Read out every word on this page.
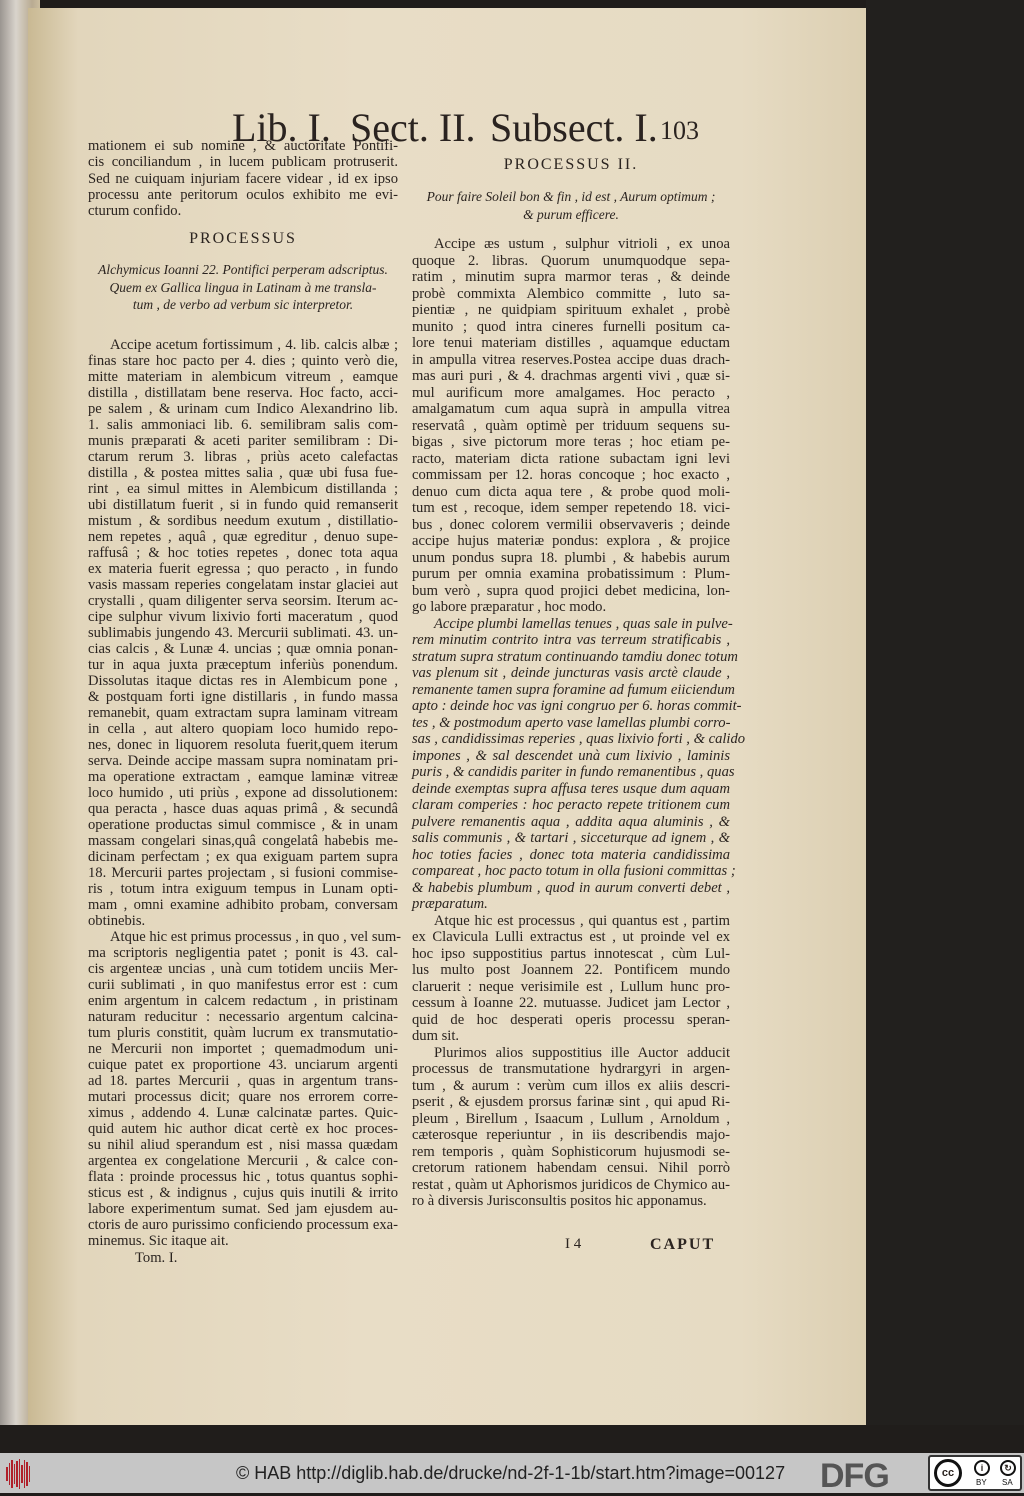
Lib. I. Sect. II. Subsect. I. 103
mationem ei sub nomine , & auctoritate Pontifi-
cis conciliandum , in lucem publicam protruserit.
Sed ne cuiquam injuriam facere videar , id ex ipso
processu ante peritorum oculos exhibito me evi-
cturum confido.
PROCESSUS
Alchymicus Ioanni 22. Pontifici perperam adscriptus.
Quem ex Gallica lingua in Latinam à me transla-
tum , de verbo ad verbum sic interpretor.
Accipe acetum fortissimum , 4. lib. calcis albæ ;
finas stare hoc pacto per 4. dies ; quinto verò die,
mitte materiam in alembicum vitreum , eamque
distilla , distillatam bene reserva. Hoc facto, acci-
pe salem , & urinam cum Indico Alexandrino lib.
1. salis ammoniaci lib. 6. semilibram salis com-
munis præparati & aceti pariter semilibram : Di-
ctarum rerum 3. libras , priùs aceto calefactas
distilla , & postea mittes salia , quæ ubi fusa fue-
rint , ea simul mittes in Alembicum distillanda ;
ubi distillatum fuerit , si in fundo quid remanserit
mistum , & sordibus needum exutum , distillatio-
nem repetes , aquâ , quæ egreditur , denuo supe-
raffusâ ; & hoc toties repetes , donec tota aqua
ex materia fuerit egressa ; quo peracto , in fundo
vasis massam reperies congelatam instar glaciei aut
crystalli , quam diligenter serva seorsim. Iterum ac-
cipe sulphur vivum lixivio forti maceratum , quod
sublimabis jungendo 43. Mercurii sublimati. 43. un-
cias calcis , & Lunæ 4. uncias ; quæ omnia ponan-
tur in aqua juxta præceptum inferiùs ponendum.
Dissolutas itaque dictas res in Alembicum pone ,
& postquam forti igne distillaris , in fundo massa
remanebit, quam extractam supra laminam vitream
in cella , aut altero quopiam loco humido repo-
nes, donec in liquorem resoluta fuerit,quem iterum
serva. Deinde accipe massam supra nominatam pri-
ma operatione extractam , eamque laminæ vitreæ
loco humido , uti priùs , expone ad dissolutionem:
qua peracta , hasce duas aquas primâ , & secundâ
operatione productas simul commisce , & in unam
massam congelari sinas,quâ congelatâ habebis me-
dicinam perfectam ; ex qua exiguam partem supra
18. Mercurii partes projectam , si fusioni commise-
ris , totum intra exiguum tempus in Lunam opti-
mam , omni examine adhibito probam, conversam
obtinebis.
Atque hic est primus processus , in quo , vel sum-
ma scriptoris negligentia patet ; ponit is 43. cal-
cis argenteæ uncias , unà cum totidem unciis Mer-
curii sublimati , in quo manifestus error est : cum
enim argentum in calcem redactum , in pristinam
naturam reducitur : necessario argentum calcina-
tum pluris constitit, quàm lucrum ex transmutatio-
ne Mercurii non importet ; quemadmodum uni-
cuique patet ex proportione 43. unciarum argenti
ad 18. partes Mercurii , quas in argentum trans-
mutari processus dicit; quare nos errorem corre-
ximus , addendo 4. Lunæ calcinatæ partes. Quic-
quid autem hic author dicat certè ex hoc proces-
su nihil aliud sperandum est , nisi massa quædam
argentea ex congelatione Mercurii , & calce con-
flata : proinde processus hic , totus quantus sophi-
sticus est , & indignus , cujus quis inutili & irrito
labore experimentum sumat. Sed jam ejusdem au-
ctoris de auro purissimo conficiendo processum exa-
minemus. Sic itaque ait.
Tom. I.
PROCESSUS II.
Pour faire Soleil bon & fin , id est , Aurum optimum ;
& purum efficere.
Accipe æs ustum , sulphur vitrioli , ex unoa
quoque 2. libras. Quorum unumquodque sepa-
ratim , minutim supra marmor teras , & deinde
probè commixta Alembico committe , luto sa-
pientiæ , ne quidpiam spirituum exhalet , probè
munito ; quod intra cineres furnelli positum ca-
lore tenui materiam distilles , aquamque eductam
in ampulla vitrea reserves.Postea accipe duas drach-
mas auri puri , & 4. drachmas argenti vivi , quæ si-
mul aurificum more amalgames. Hoc peracto ,
amalgamatum cum aqua suprà in ampulla vitrea
reservatâ , quàm optimè per triduum sequens su-
bigas , sive pictorum more teras ; hoc etiam pe-
racto, materiam dicta ratione subactam igni levi
commissam per 12. horas concoque ; hoc exacto ,
denuo cum dicta aqua tere , & probe quod moli-
tum est , recoque, idem semper repetendo 18. vici-
bus , donec colorem vermilii observaveris ; deinde
accipe hujus materiæ pondus: explora , & projice
unum pondus supra 18. plumbi , & habebis aurum
purum per omnia examina probatissimum : Plum-
bum verò , supra quod projici debet medicina, lon-
go labore præparatur , hoc modo.
Accipe plumbi lamellas tenues , quas sale in pulve-
rem minutim contrito intra vas terreum stratificabis ,
stratum supra stratum continuando tamdiu donec totum
vas plenum sit , deinde juncturas vasis arctè claude ,
remanente tamen supra foramine ad fumum eiiciendum
apto : deinde hoc vas igni congruo per 6. horas commit-
tes , & postmodum aperto vase lamellas plumbi corro-
sas , candidissimas reperies , quas lixivio forti , & calido
impones , & sal descendet unà cum lixivio , laminis
puris , & candidis pariter in fundo remanentibus , quas
deinde exemptas supra affusa teres usque dum aquam
claram comperies : hoc peracto repete tritionem cum
pulvere remanentis aqua , addita aqua aluminis , &
salis communis , & tartari , sicceturque ad ignem , &
hoc toties facies , donec tota materia candidissima
compareat , hoc pacto totum in olla fusioni committas ;
& habebis plumbum , quod in aurum converti debet ,
præparatum.
Atque hic est processus , qui quantus est , partim
ex Clavicula Lulli extractus est , ut proinde vel ex
hoc ipso suppostitius partus innotescat , cùm Lul-
lus multo post Joannem 22. Pontificem mundo
claruerit : neque verisimile est , Lullum hunc pro-
cessum à Ioanne 22. mutuasse. Judicet jam Lector ,
quid de hoc desperati operis processu speran-
dum sit.
Plurimos alios suppostitius ille Auctor adducit
processus de transmutatione hydrargyri in argen-
tum , & aurum : verùm cum illos ex aliis descri-
pserit , & ejusdem prorsus farinæ sint , qui apud Ri-
pleum , Birellum , Isaacum , Lullum , Arnoldum ,
cæterosque reperiuntur , in iis describendis majo-
rem temporis , quàm Sophisticorum hujusmodi se-
cretorum rationem habendam censui. Nihil porrò
restat , quàm ut Aphorismos juridicos de Chymico au-
ro à diversis Jurisconsultis positos hic apponamus.
I 4	CAPUT
© HAB http://diglib.hab.de/drucke/nd-2f-1-1b/start.htm?image=00127 DFG	cc	i	↻
BY SA
